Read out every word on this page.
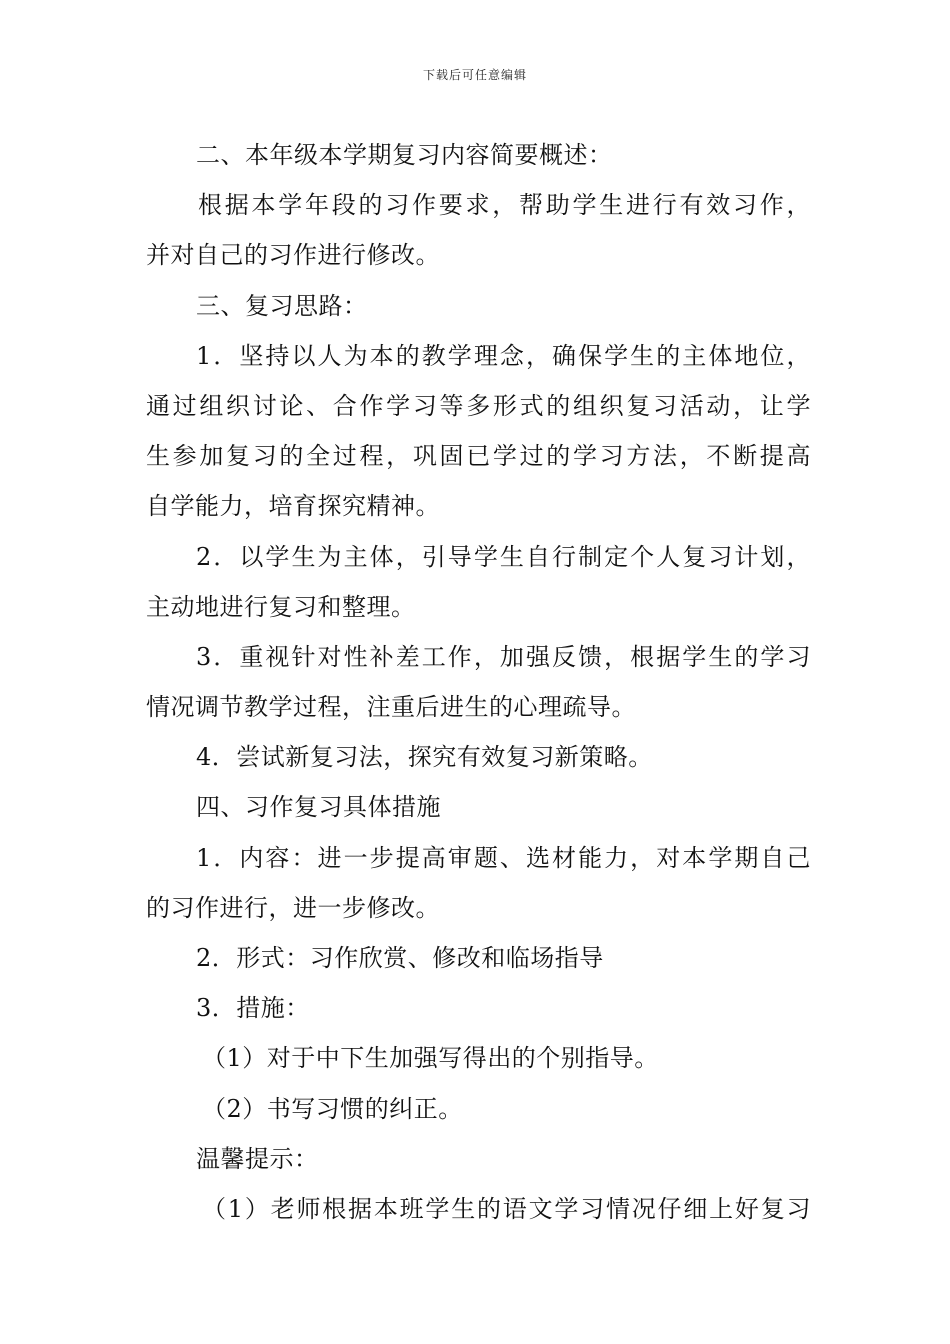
下载后可任意编辑
二、本年级本学期复习内容简要概述：
根据本学年段的习作要求，帮助学生进行有效习作，
并对自己的习作进行修改。
三、复习思路：
1．坚持以人为本的教学理念，确保学生的主体地位，
通过组织讨论、合作学习等多形式的组织复习活动，让学
生参加复习的全过程，巩固已学过的学习方法，不断提高
自学能力，培育探究精神。
2．以学生为主体，引导学生自行制定个人复习计划，
主动地进行复习和整理。
3．重视针对性补差工作，加强反馈，根据学生的学习
情况调节教学过程，注重后进生的心理疏导。
4．尝试新复习法，探究有效复习新策略。
四、习作复习具体措施
1．内容：进一步提高审题、选材能力，对本学期自己
的习作进行，进一步修改。
2．形式：习作欣赏、修改和临场指导
3．措施：
（1）对于中下生加强写得出的个别指导。
（2）书写习惯的纠正。
温馨提示：
（1）老师根据本班学生的语文学习情况仔细上好复习
